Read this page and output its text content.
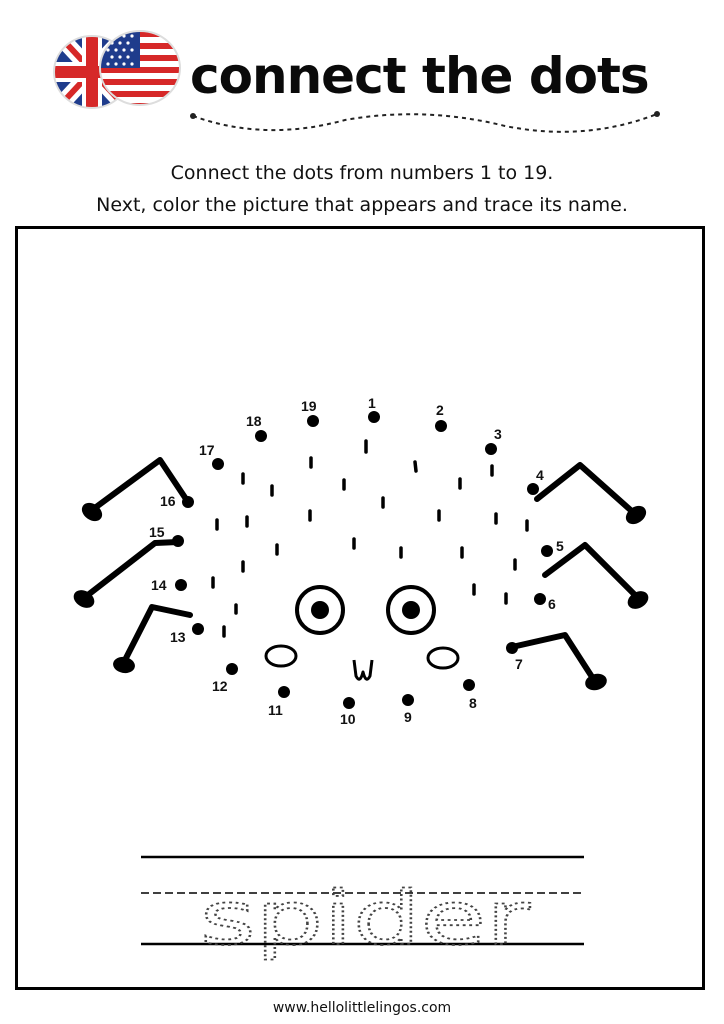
connect the dots
Connect the dots from numbers 1 to 19.
Next, color the picture that appears and trace its name.
1	2
3
4
5
6
7
8
9
10
11
12
13
14
15
16
17
18
19
spider
www.hellolittlelingos.com
